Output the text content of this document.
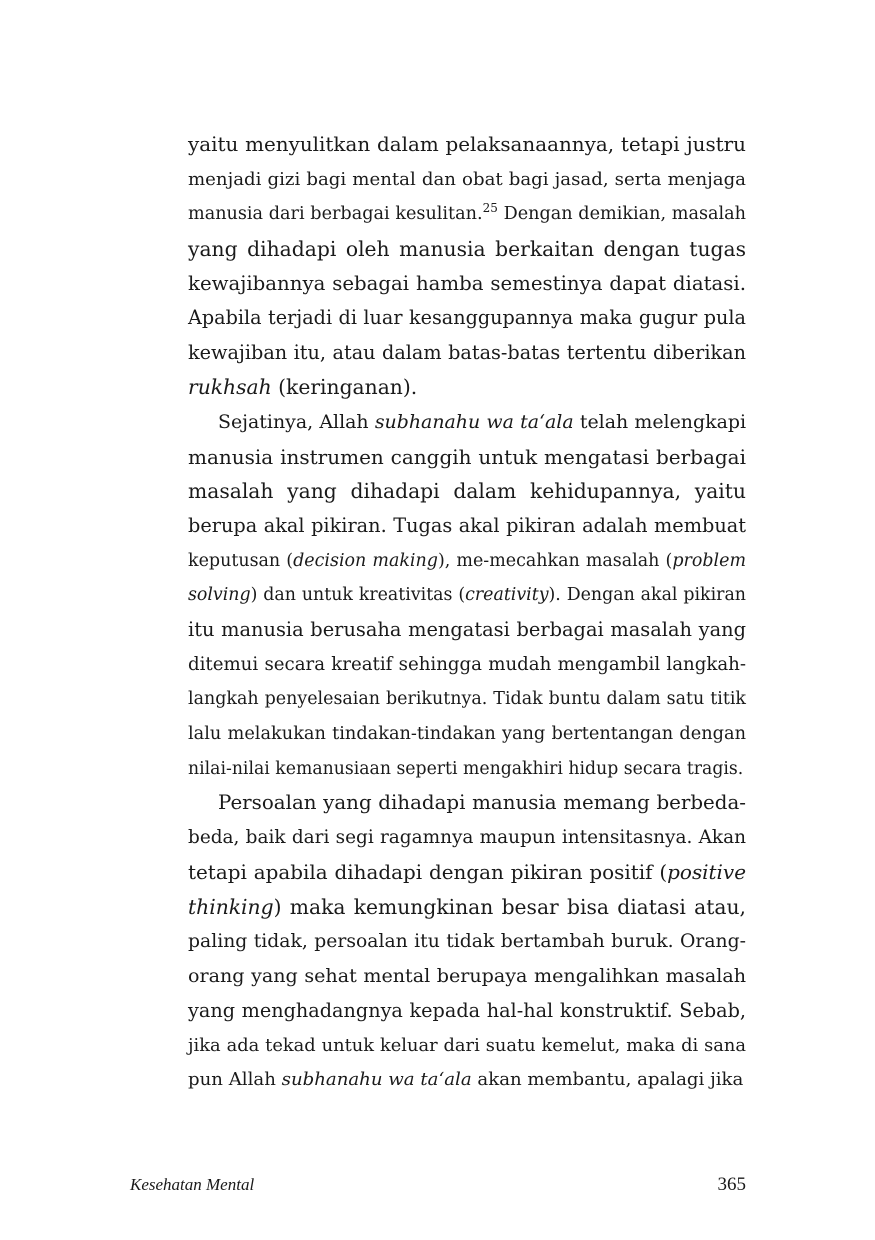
yaitu menyulitkan dalam pelaksanaannya, tetapi justru
menjadi gizi bagi mental dan obat bagi jasad, serta menjaga
manusia dari berbagai kesulitan.$^{25}$ Dengan demikian, masalah
yang dihadapi oleh manusia berkaitan dengan tugas
kewajibannya sebagai hamba semestinya dapat diatasi.
Apabila terjadi di luar kesanggupannya maka gugur pula
kewajiban itu, atau dalam batas-batas tertentu diberikan
rukhsah (keringanan).
Sejatinya, Allah subhanahu wa ta‘ala telah melengkapi
manusia instrumen canggih untuk mengatasi berbagai
masalah yang dihadapi dalam kehidupannya, yaitu
berupa akal pikiran. Tugas akal pikiran adalah membuat
keputusan (decision making), me-mecahkan masalah (problem
solving) dan untuk kreativitas (creativity). Dengan akal pikiran
itu manusia berusaha mengatasi berbagai masalah yang
ditemui secara kreatif sehingga mudah mengambil langkah-
langkah penyelesaian berikutnya. Tidak buntu dalam satu titik
lalu melakukan tindakan-tindakan yang bertentangan dengan
nilai-nilai kemanusiaan seperti mengakhiri hidup secara tragis.
Persoalan yang dihadapi manusia memang berbeda-
beda, baik dari segi ragamnya maupun intensitasnya. Akan
tetapi apabila dihadapi dengan pikiran positif (positive
thinking) maka kemungkinan besar bisa diatasi atau,
paling tidak, persoalan itu tidak bertambah buruk. Orang-
orang yang sehat mental berupaya mengalihkan masalah
yang menghadangnya kepada hal-hal konstruktif. Sebab,
jika ada tekad untuk keluar dari suatu kemelut, maka di sana
pun Allah subhanahu wa ta‘ala akan membantu, apalagi jika
Kesehatan Mental	365
